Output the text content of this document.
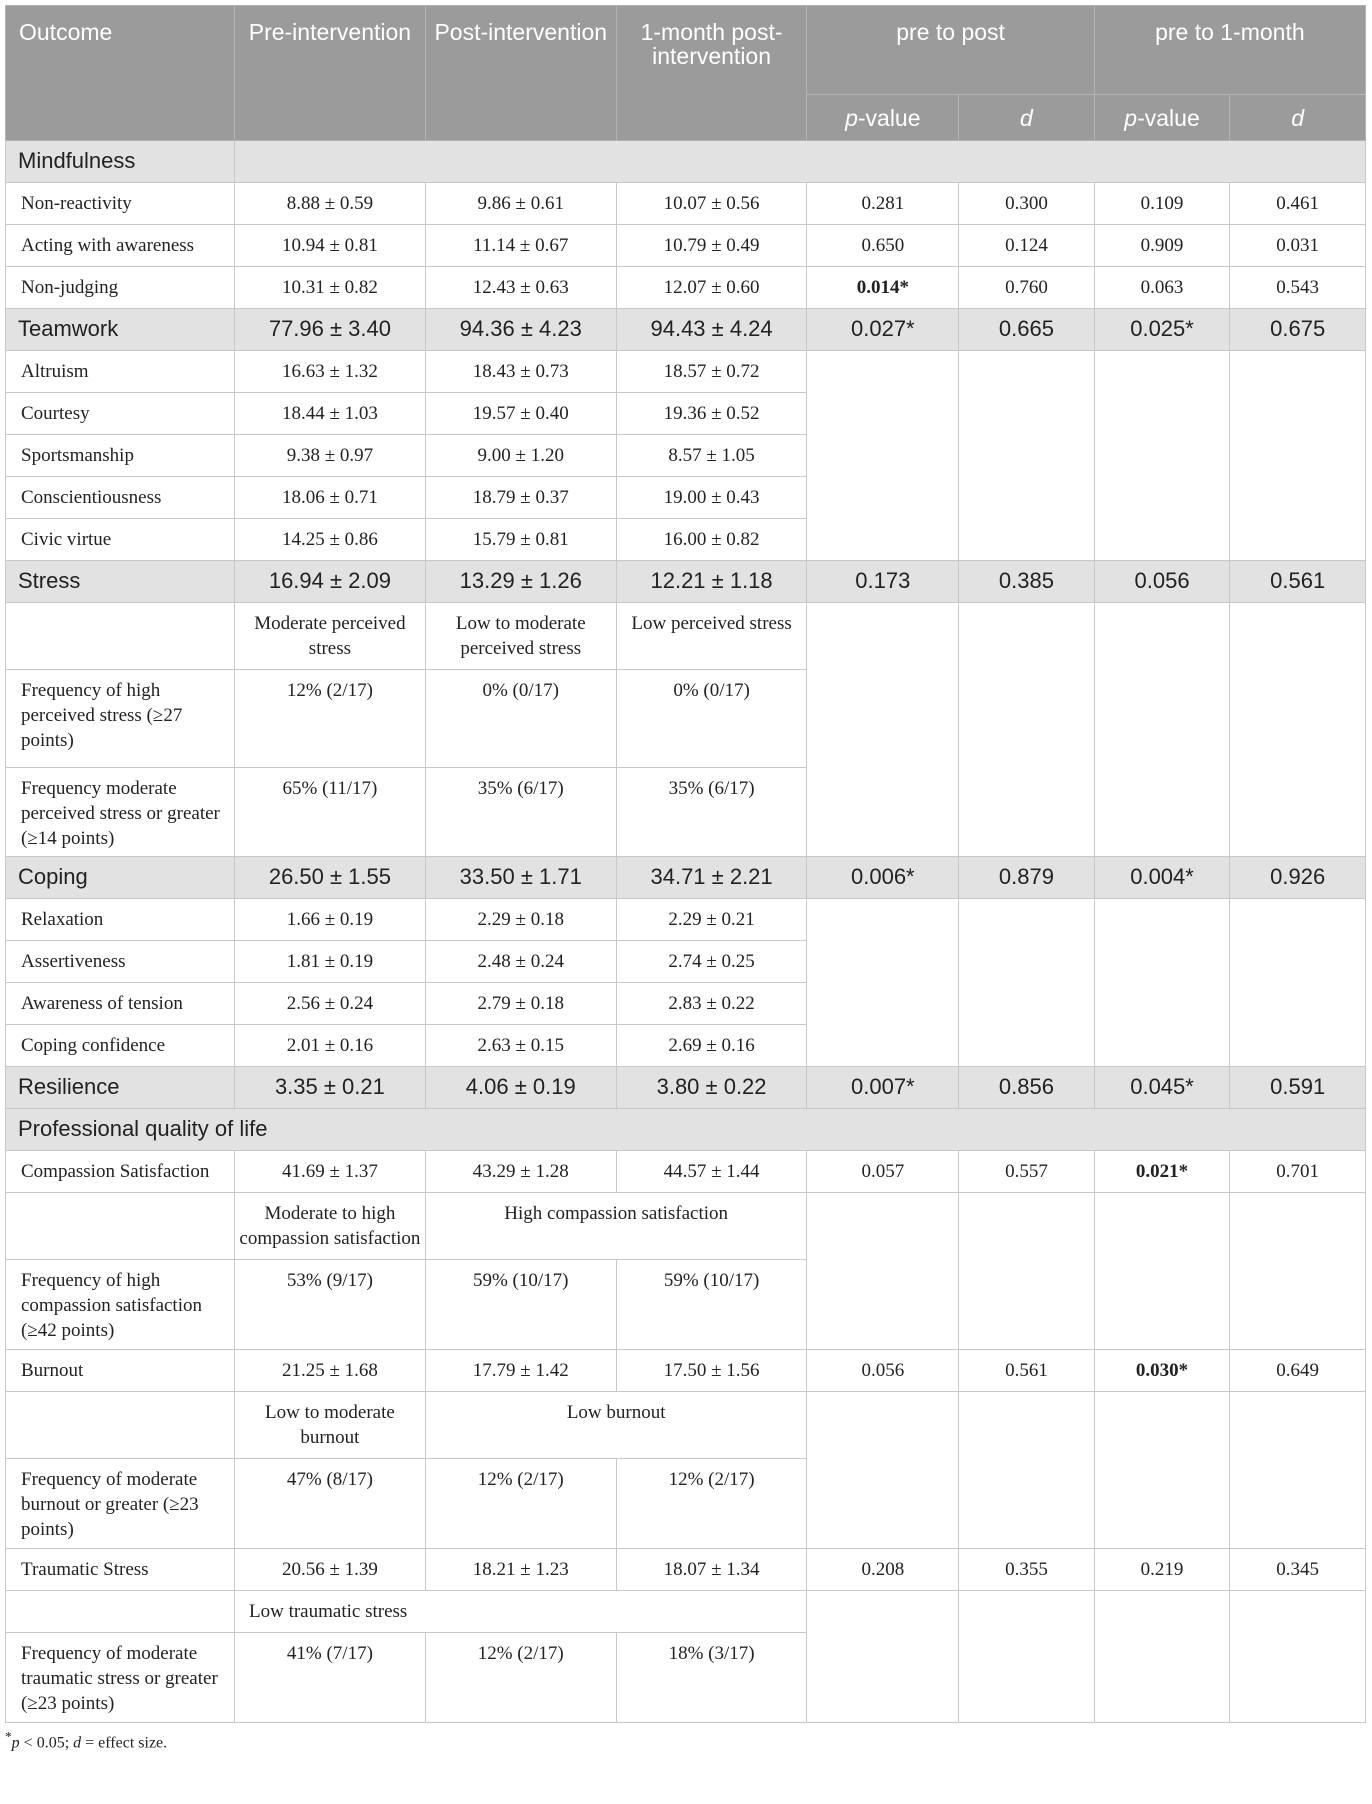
Outcome	Pre-intervention	Post-intervention	1-month post-intervention	pre to post		pre to 1-month	
				p-value	d	p-value	d
Mindfulness							
Non-reactivity	8.88 ± 0.59	9.86 ± 0.61	10.07 ± 0.56	0.281	0.300	0.109	0.461
Acting with awareness	10.94 ± 0.81	11.14 ± 0.67	10.79 ± 0.49	0.650	0.124	0.909	0.031
Non-judging	10.31 ± 0.82	12.43 ± 0.63	12.07 ± 0.60	0.014*	0.760	0.063	0.543
Teamwork	77.96 ± 3.40	94.36 ± 4.23	94.43 ± 4.24	0.027*	0.665	0.025*	0.675
Altruism	16.63 ± 1.32	18.43 ± 0.73	18.57 ± 0.72				
Courtesy	18.44 ± 1.03	19.57 ± 0.40	19.36 ± 0.52				
Sportsmanship	9.38 ± 0.97	9.00 ± 1.20	8.57 ± 1.05				
Conscientiousness	18.06 ± 0.71	18.79 ± 0.37	19.00 ± 0.43				
Civic virtue	14.25 ± 0.86	15.79 ± 0.81	16.00 ± 0.82				
Stress	16.94 ± 2.09	13.29 ± 1.26	12.21 ± 1.18	0.173	0.385	0.056	0.561
	Moderate perceived stress	Low to moderate perceived stress	Low perceived stress				
Frequency of high perceived stress (≥27 points)	12% (2/17)	0% (0/17)	0% (0/17)				
Frequency moderate perceived stress or greater (≥14 points)	65% (11/17)	35% (6/17)	35% (6/17)				
Coping	26.50 ± 1.55	33.50 ± 1.71	34.71 ± 2.21	0.006*	0.879	0.004*	0.926
Relaxation	1.66 ± 0.19	2.29 ± 0.18	2.29 ± 0.21				
Assertiveness	1.81 ± 0.19	2.48 ± 0.24	2.74 ± 0.25				
Awareness of tension	2.56 ± 0.24	2.79 ± 0.18	2.83 ± 0.22				
Coping confidence	2.01 ± 0.16	2.63 ± 0.15	2.69 ± 0.16				
Resilience	3.35 ± 0.21	4.06 ± 0.19	3.80 ± 0.22	0.007*	0.856	0.045*	0.591
Professional quality of life							
Compassion Satisfaction	41.69 ± 1.37	43.29 ± 1.28	44.57 ± 1.44	0.057	0.557	0.021*	0.701
	Moderate to high compassion satisfaction	High compassion satisfaction					
Frequency of high compassion satisfaction (≥42 points)	53% (9/17)	59% (10/17)	59% (10/17)				
Burnout	21.25 ± 1.68	17.79 ± 1.42	17.50 ± 1.56	0.056	0.561	0.030*	0.649
	Low to moderate burnout	Low burnout					
Frequency of moderate burnout or greater (≥23 points)	47% (8/17)	12% (2/17)	12% (2/17)				
Traumatic Stress	20.56 ± 1.39	18.21 ± 1.23	18.07 ± 1.34	0.208	0.355	0.219	0.345
	Low traumatic stress						
Frequency of moderate traumatic stress or greater (≥23 points)	41% (7/17)	12% (2/17)	18% (3/17)				
*p < 0.05; d = effect size.
